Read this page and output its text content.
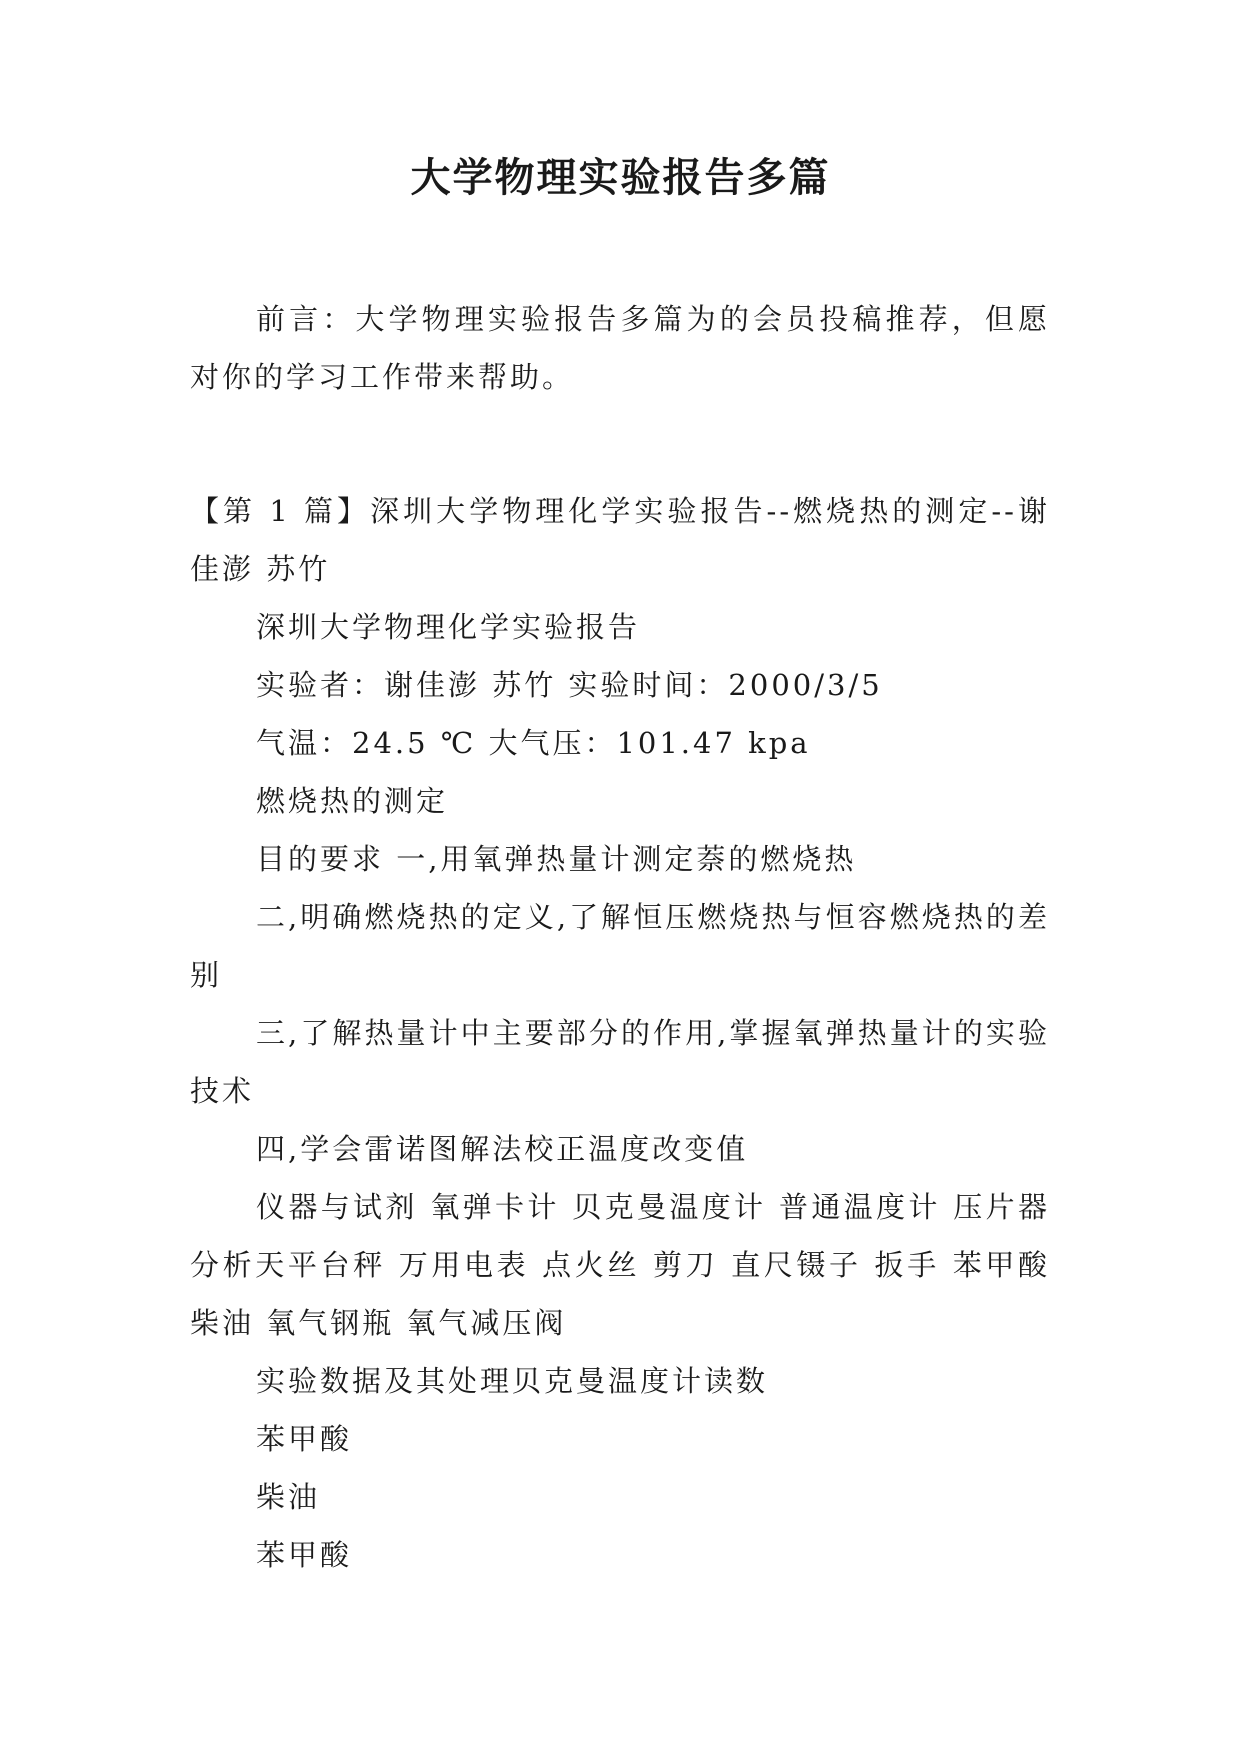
大学物理实验报告多篇

前言：大学物理实验报告多篇为的会员投稿推荐，但愿对你的学习工作带来帮助。

【第 1 篇】深圳大学物理化学实验报告--燃烧热的测定--谢佳澎 苏竹

深圳大学物理化学实验报告

实验者：谢佳澎 苏竹 实验时间：2000/3/5

气温：24.5 ℃ 大气压：101.47 kpa

燃烧热的测定

目的要求 一,用氧弹热量计测定萘的燃烧热

二,明确燃烧热的定义,了解恒压燃烧热与恒容燃烧热的差别

三,了解热量计中主要部分的作用,掌握氧弹热量计的实验技术

四,学会雷诺图解法校正温度改变值

仪器与试剂 氧弹卡计 贝克曼温度计 普通温度计 压片器 分析天平台秤 万用电表 点火丝 剪刀 直尺镊子 扳手 苯甲酸 柴油 氧气钢瓶 氧气减压阀

实验数据及其处理贝克曼温度计读数

苯甲酸

柴油

苯甲酸
